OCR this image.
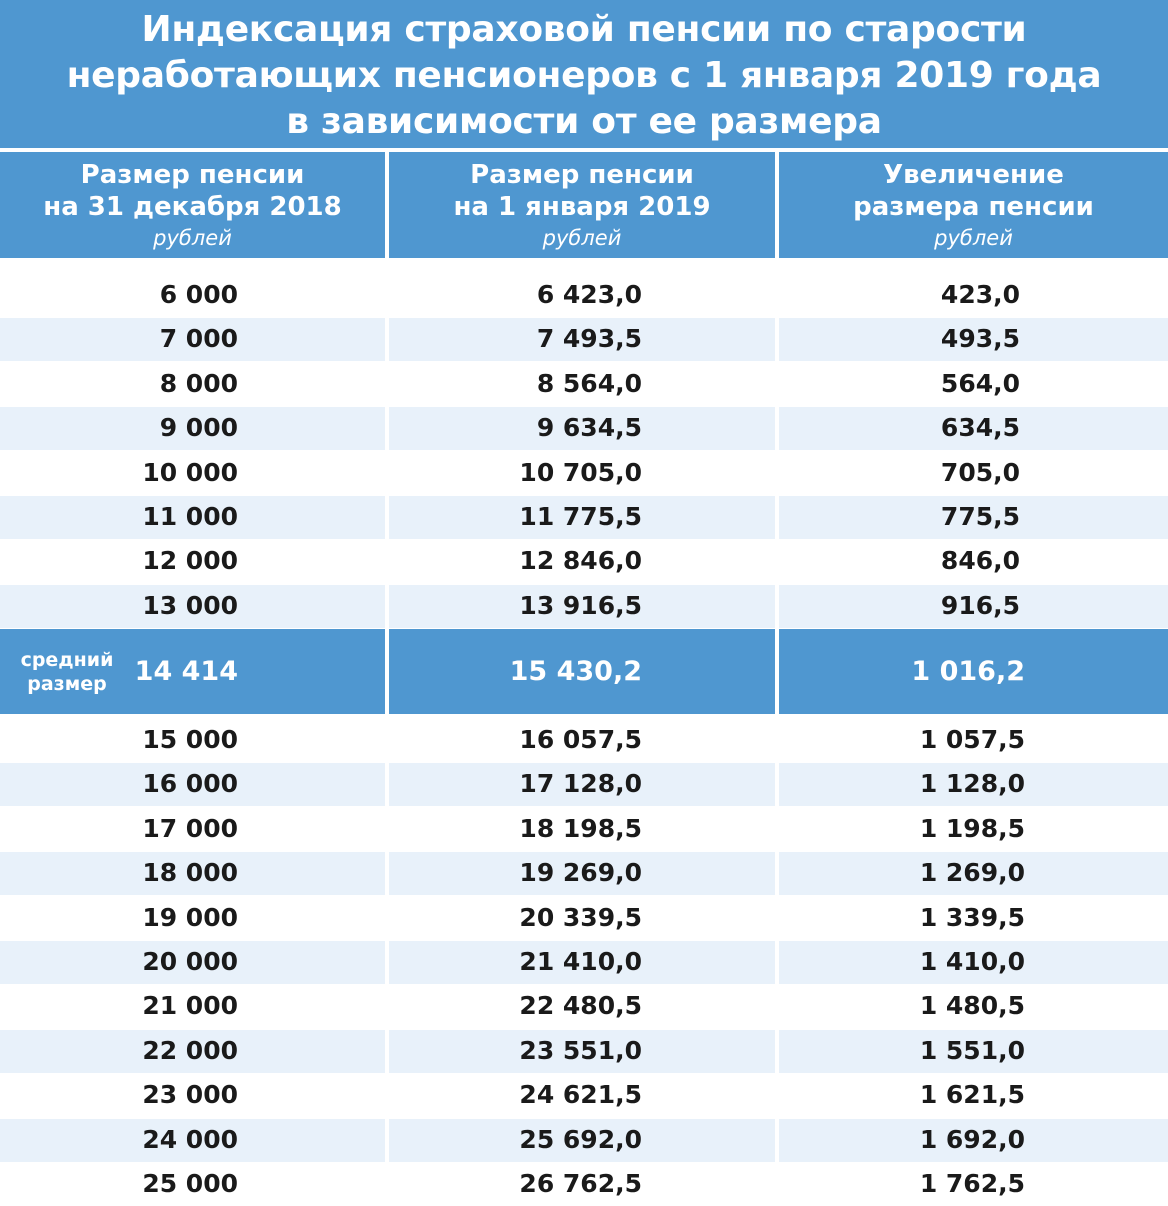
Индексация страховой пенсии по старости
неработающих пенсионеров с 1 января 2019 года
в зависимости от ее размера
Размер пенсии
на 31 декабря 2018
рублей
Размер пенсии
на 1 января 2019
рублей
Увеличение
размера пенсии
рублей
6 000	6 423,0	423,0
7 000	7 493,5	493,5
8 000	8 564,0	564,0
9 000	9 634,5	634,5
10 000	10 705,0	705,0
11 000	11 775,5	775,5
12 000	12 846,0	846,0
13 000	13 916,5	916,5
средний
размер	14 414	15 430,2	1 016,2
15 000	16 057,5	1 057,5
16 000	17 128,0	1 128,0
17 000	18 198,5	1 198,5
18 000	19 269,0	1 269,0
19 000	20 339,5	1 339,5
20 000	21 410,0	1 410,0
21 000	22 480,5	1 480,5
22 000	23 551,0	1 551,0
23 000	24 621,5	1 621,5
24 000	25 692,0	1 692,0
25 000	26 762,5	1 762,5
